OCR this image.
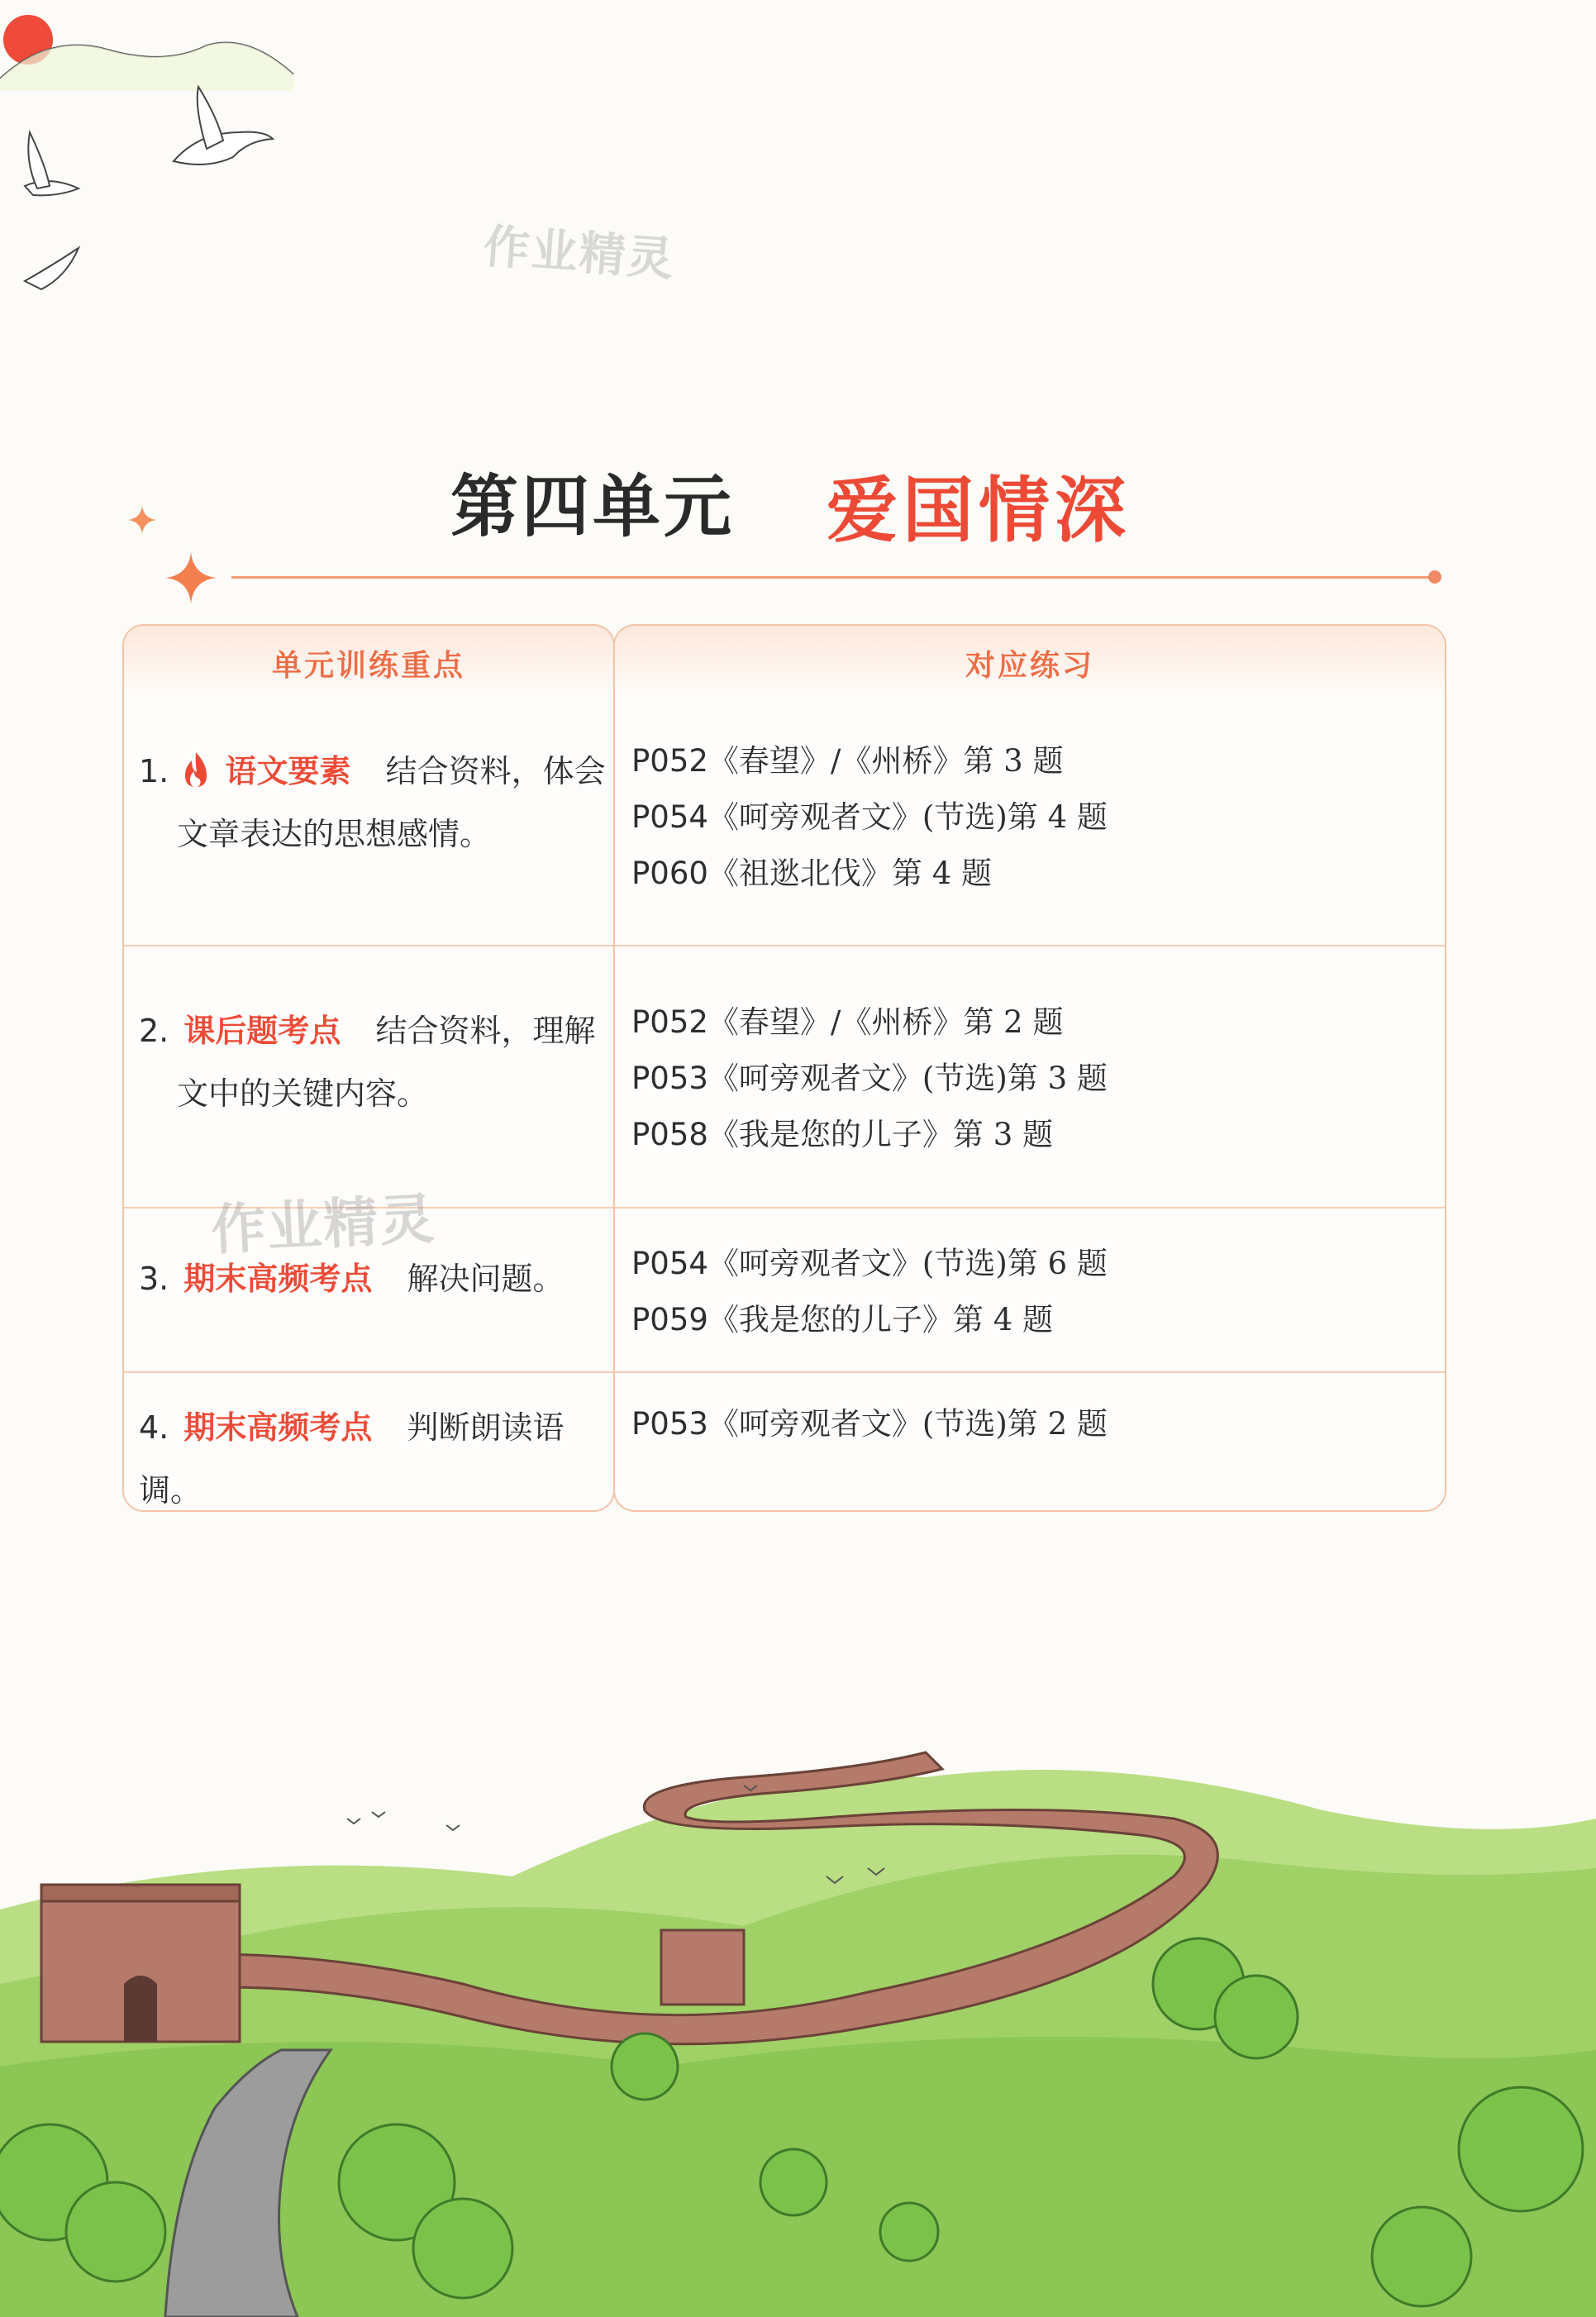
作业精灵
第四单元 爱国情深
单元训练重点
1. 语文要素 结合资料，体会
文章表达的思想感情。
2. 课后题考点 结合资料，理解
文中的关键内容。
3. 期末高频考点 解决问题。
4. 期末高频考点 判断朗读语调。
对应练习
P052《春望》/《州桥》第 3 题
P054《呵旁观者文》(节选)第 4 题
P060《祖逖北伐》第 4 题
P052《春望》/《州桥》第 2 题
P053《呵旁观者文》(节选)第 3 题
P058《我是您的儿子》第 3 题
P054《呵旁观者文》(节选)第 6 题
P059《我是您的儿子》第 4 题
P053《呵旁观者文》(节选)第 2 题
作业精灵
